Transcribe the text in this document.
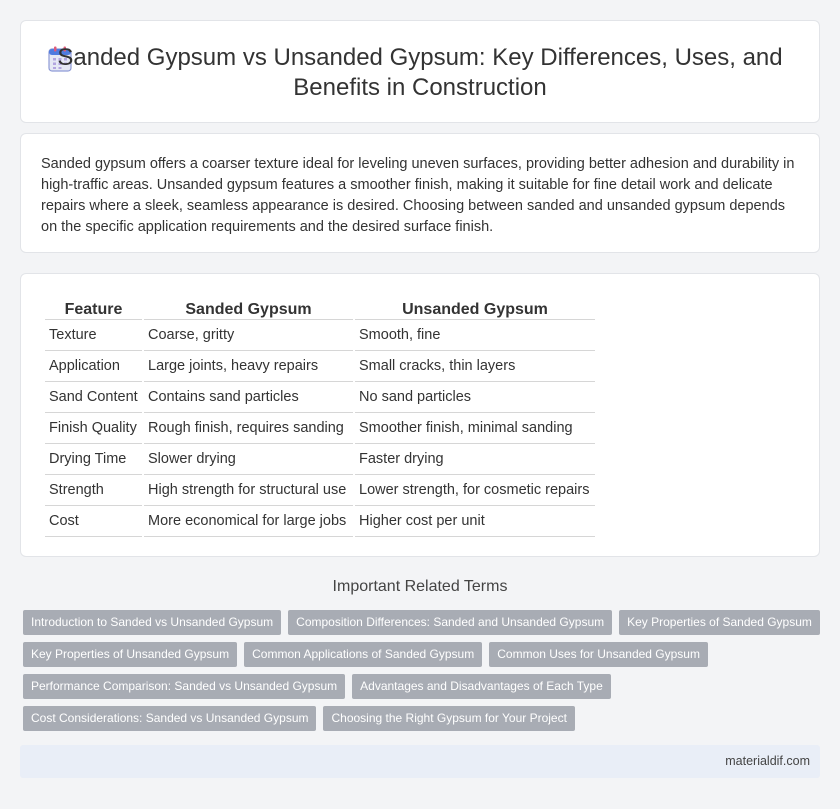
Sanded Gypsum vs Unsanded Gypsum: Key Differences, Uses, and Benefits in Construction

Sanded gypsum offers a coarser texture ideal for leveling uneven surfaces, providing better adhesion and durability in high-traffic areas. Unsanded gypsum features a smoother finish, making it suitable for fine detail work and delicate repairs where a sleek, seamless appearance is desired. Choosing between sanded and unsanded gypsum depends on the specific application requirements and the desired surface finish.

Feature	Sanded Gypsum	Unsanded Gypsum
Texture	Coarse, gritty	Smooth, fine
Application	Large joints, heavy repairs	Small cracks, thin layers
Sand Content	Contains sand particles	No sand particles
Finish Quality	Rough finish, requires sanding	Smoother finish, minimal sanding
Drying Time	Slower drying	Faster drying
Strength	High strength for structural use	Lower strength, for cosmetic repairs
Cost	More economical for large jobs	Higher cost per unit
Important Related Terms
Introduction to Sanded vs Unsanded Gypsum	Composition Differences: Sanded and Unsanded Gypsum	Key Properties of Sanded Gypsum
Key Properties of Unsanded Gypsum	Common Applications of Sanded Gypsum	Common Uses for Unsanded Gypsum
Performance Comparison: Sanded vs Unsanded Gypsum	Advantages and Disadvantages of Each Type
Cost Considerations: Sanded vs Unsanded Gypsum	Choosing the Right Gypsum for Your Project
materialdif.com
